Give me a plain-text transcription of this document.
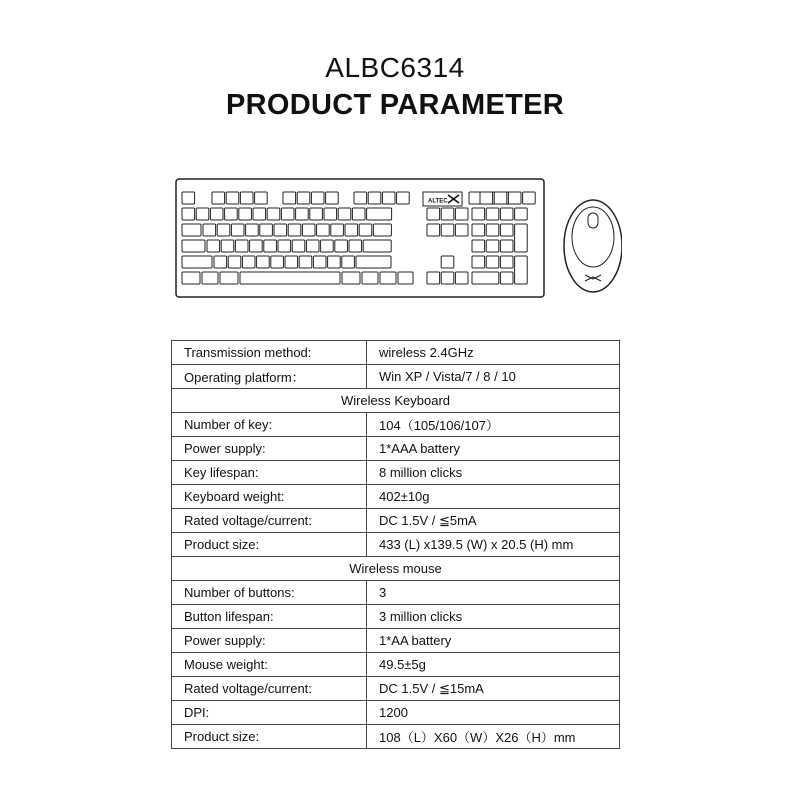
ALBC6314
PRODUCT PARAMETER
ALTEC
Transmission method:	wireless 2.4GHz
Operating platform：	Win XP / Vista/7 / 8 / 10
Wireless Keyboard	
Number of key:	104（105/106/107）
Power supply:	1*AAA battery
Key lifespan:	8 million clicks
Keyboard weight:	402±10g
Rated voltage/current:	DC 1.5V / ≦5mA
Product size:	433 (L) x139.5 (W) x 20.5 (H) mm
Wireless mouse	
Number of buttons:	3
Button lifespan:	3 million clicks
Power supply:	1*AA battery
Mouse weight:	49.5±5g
Rated voltage/current:	DC 1.5V / ≦15mA
DPI:	1200
Product size:	108（L）X60（W）X26（H）mm
